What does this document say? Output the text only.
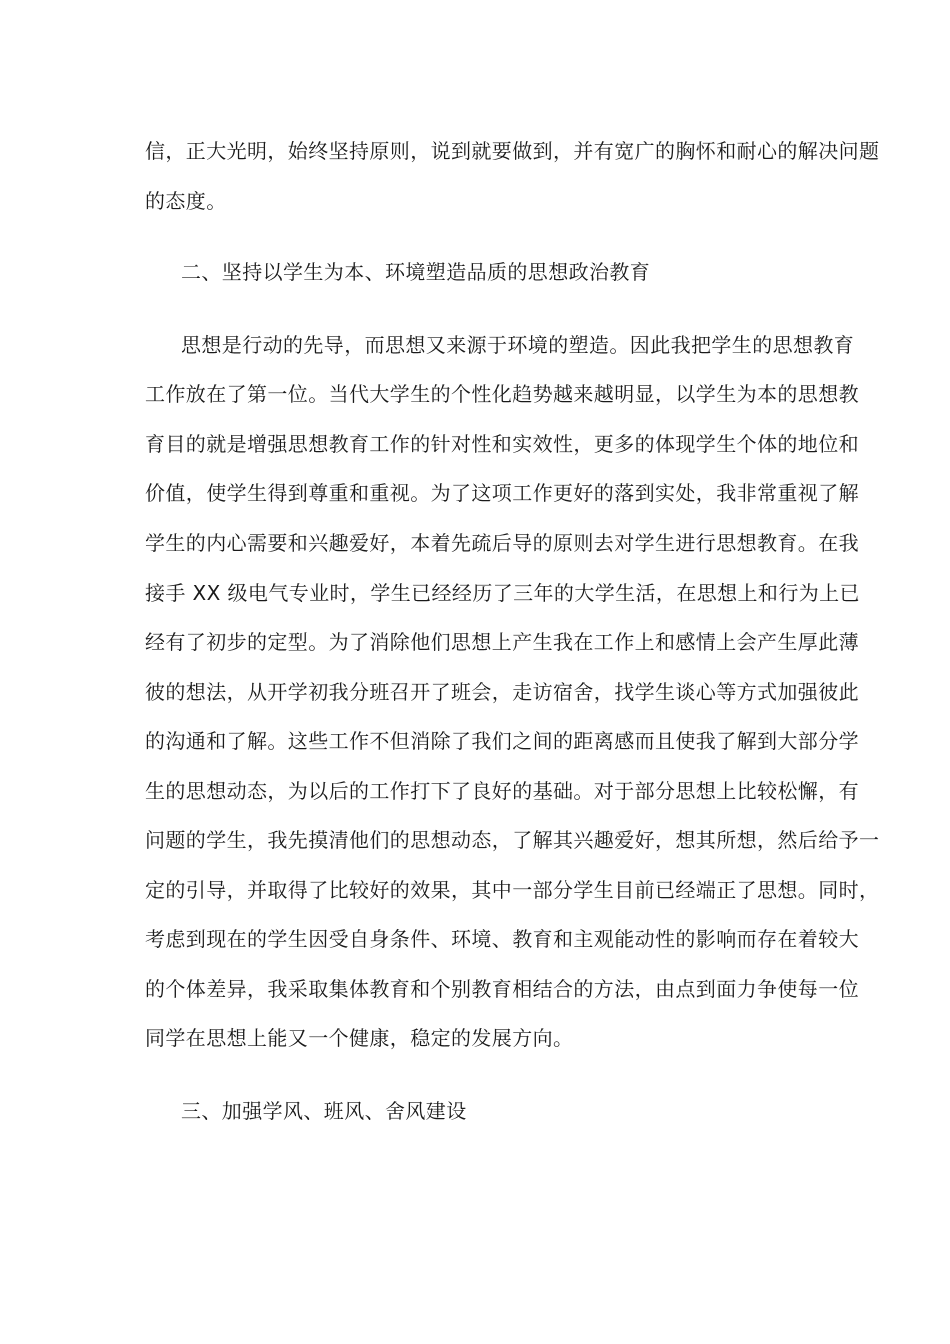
信，正大光明，始终坚持原则，说到就要做到，并有宽广的胸怀和耐心的解决问题
的态度。
二、坚持以学生为本、环境塑造品质的思想政治教育
思想是行动的先导，而思想又来源于环境的塑造。因此我把学生的思想教育
工作放在了第一位。当代大学生的个性化趋势越来越明显，以学生为本的思想教
育目的就是增强思想教育工作的针对性和实效性，更多的体现学生个体的地位和
价值，使学生得到尊重和重视。为了这项工作更好的落到实处，我非常重视了解
学生的内心需要和兴趣爱好，本着先疏后导的原则去对学生进行思想教育。在我
接手 XX 级电气专业时，学生已经经历了三年的大学生活，在思想上和行为上已
经有了初步的定型。为了消除他们思想上产生我在工作上和感情上会产生厚此薄
彼的想法，从开学初我分班召开了班会，走访宿舍，找学生谈心等方式加强彼此
的沟通和了解。这些工作不但消除了我们之间的距离感而且使我了解到大部分学
生的思想动态，为以后的工作打下了良好的基础。对于部分思想上比较松懈，有
问题的学生，我先摸清他们的思想动态，了解其兴趣爱好，想其所想，然后给予一
定的引导，并取得了比较好的效果，其中一部分学生目前已经端正了思想。同时，
考虑到现在的学生因受自身条件、环境、教育和主观能动性的影响而存在着较大
的个体差异，我采取集体教育和个别教育相结合的方法，由点到面力争使每一位
同学在思想上能又一个健康，稳定的发展方向。
三、加强学风、班风、舍风建设
